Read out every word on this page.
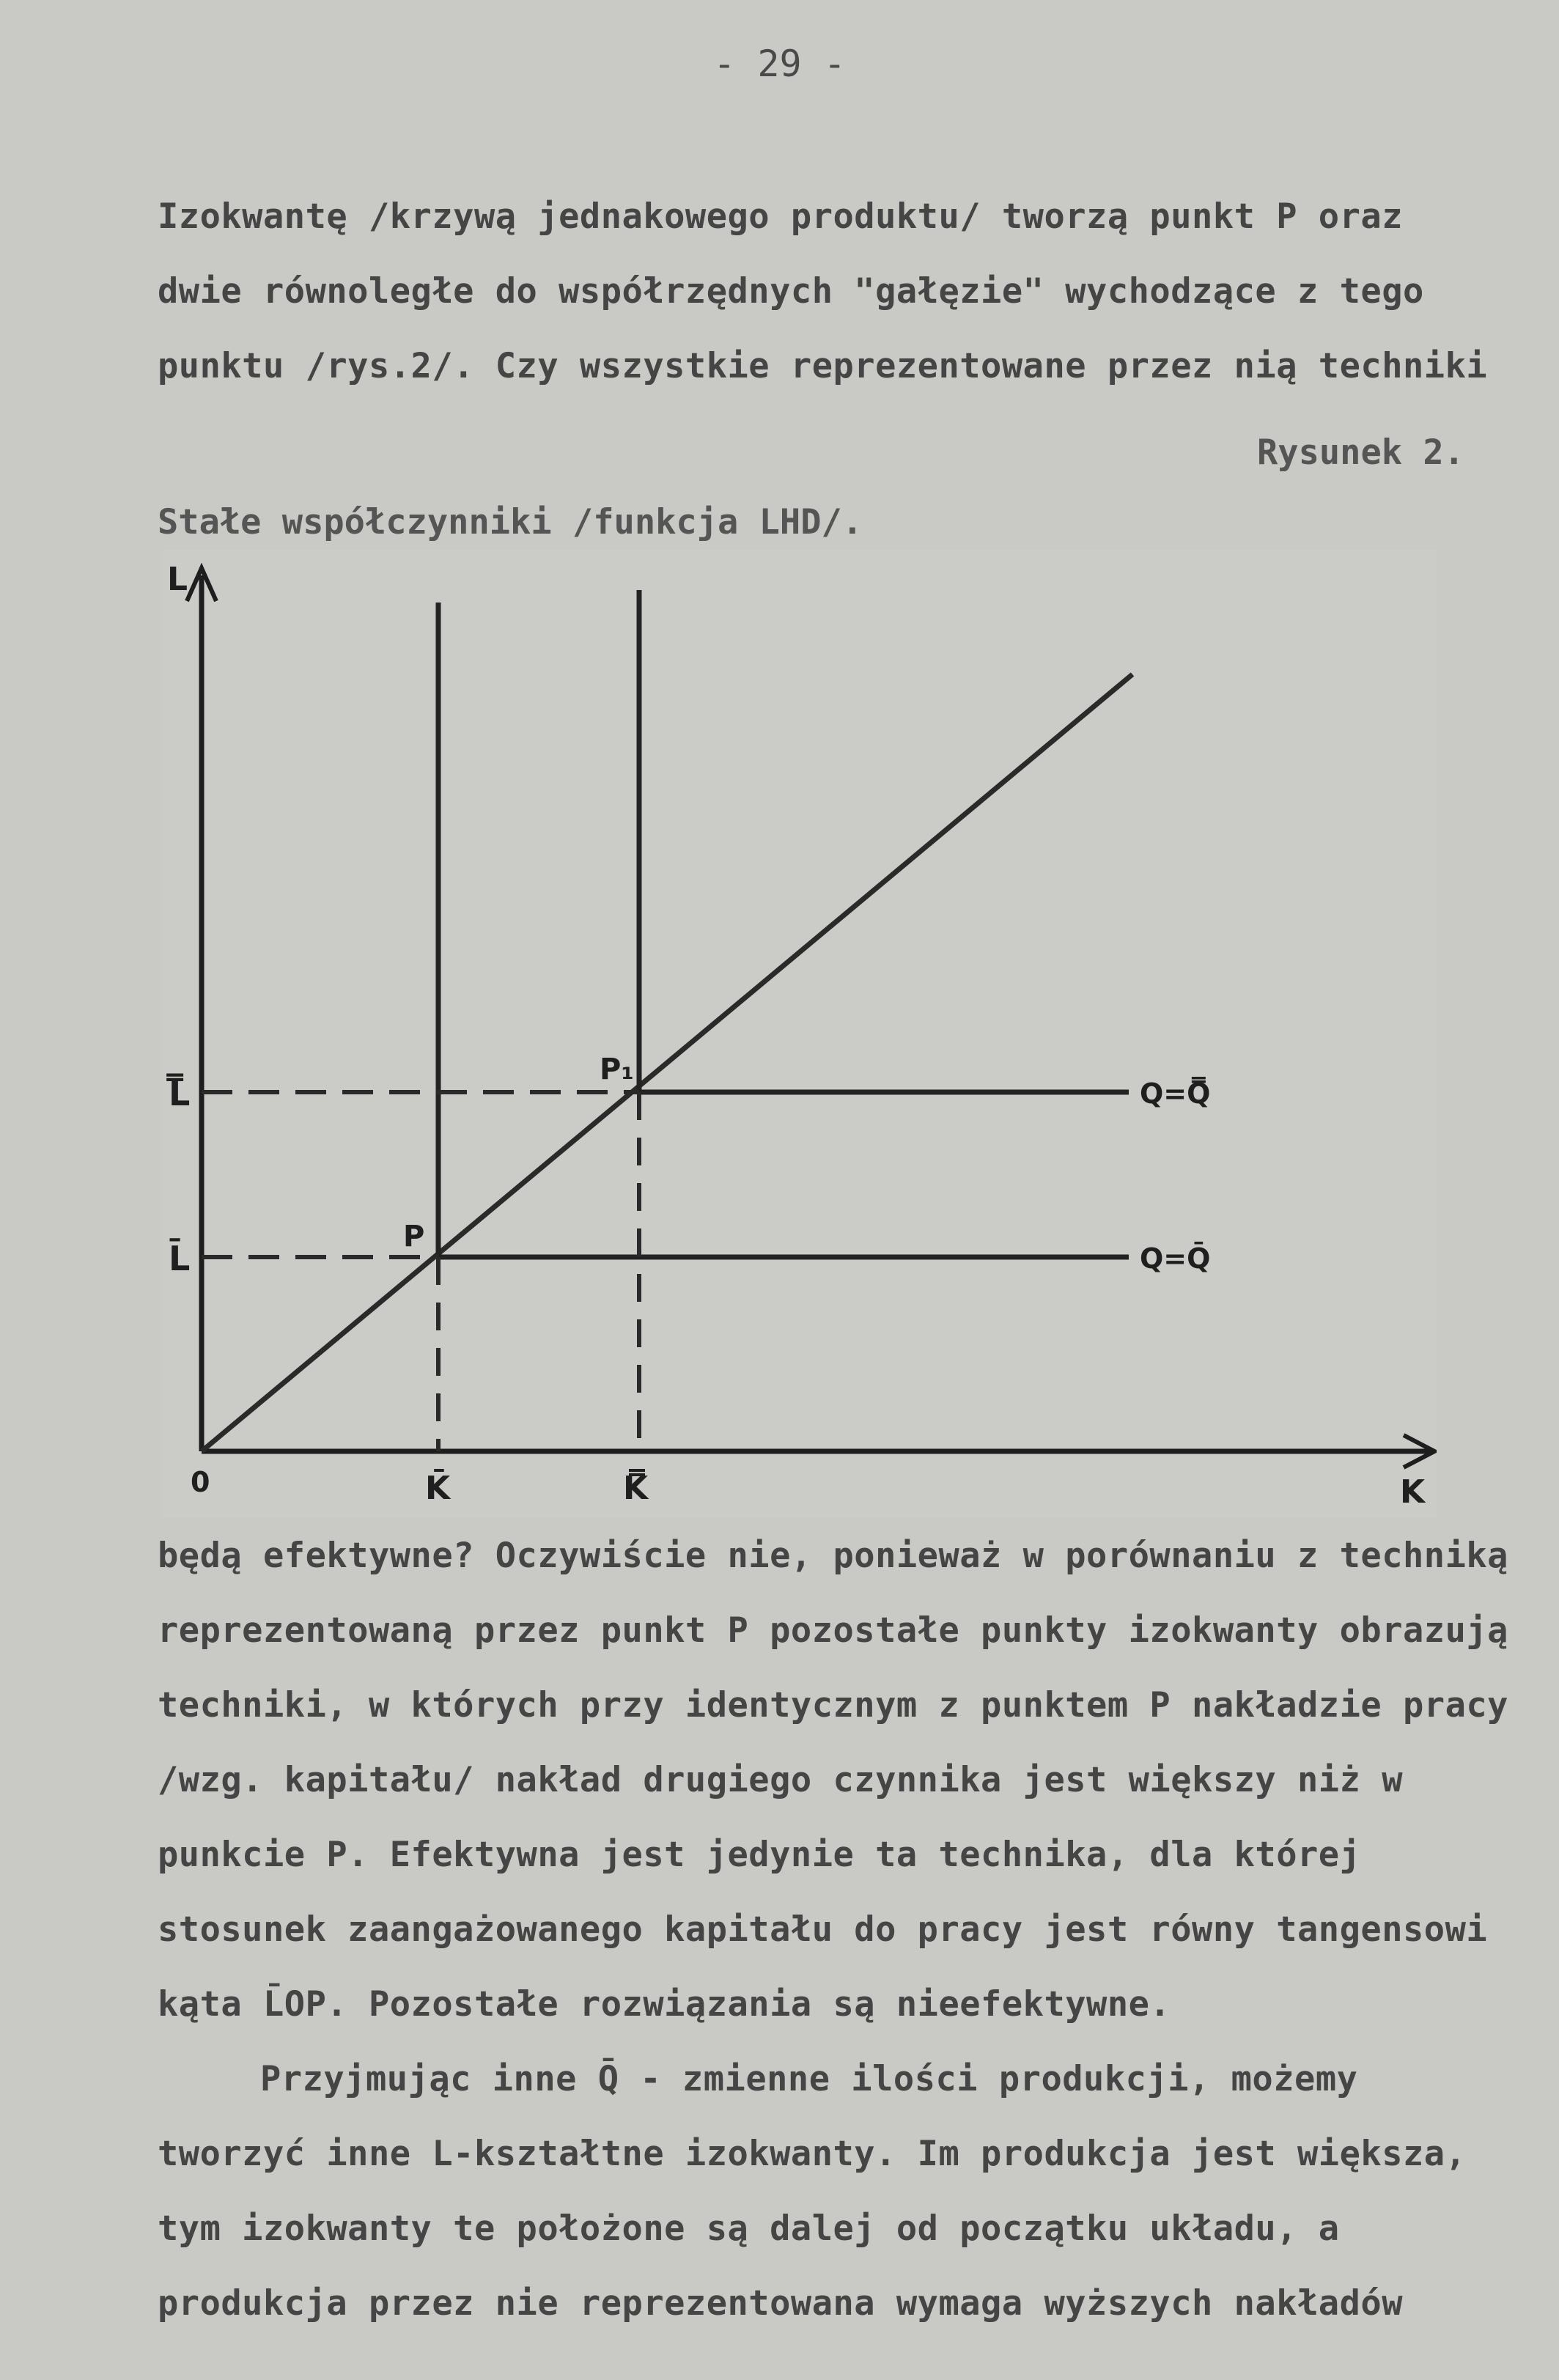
- 29 -
Izokwantę /krzywą jednakowego produktu/ tworzą punkt P oraz
dwie równoległe do współrzędnych "gałęzie" wychodzące z tego
punktu /rys.2/. Czy wszystkie reprezentowane przez nią techniki
Rysunek 2.
Stałe współczynniki /funkcja LHD/.
L
K
0
L̿
L̄
K̄	K̿
P
P₁
Q=Q̿
Q=Q̄
będą efektywne? Oczywiście nie, ponieważ w porównaniu z techniką
reprezentowaną przez punkt P pozostałe punkty izokwanty obrazują
techniki, w których przy identycznym z punktem P nakładzie pracy
/wzg. kapitału/ nakład drugiego czynnika jest większy niż w
punkcie P. Efektywna jest jedynie ta technika, dla której
stosunek zaangażowanego kapitału do pracy jest równy tangensowi
kąta L̄OP. Pozostałe rozwiązania są nieefektywne.
Przyjmując inne Q̄ - zmienne ilości produkcji, możemy
tworzyć inne L-kształtne izokwanty. Im produkcja jest większa,
tym izokwanty te położone są dalej od początku układu, a
produkcja przez nie reprezentowana wymaga wyższych nakładów
